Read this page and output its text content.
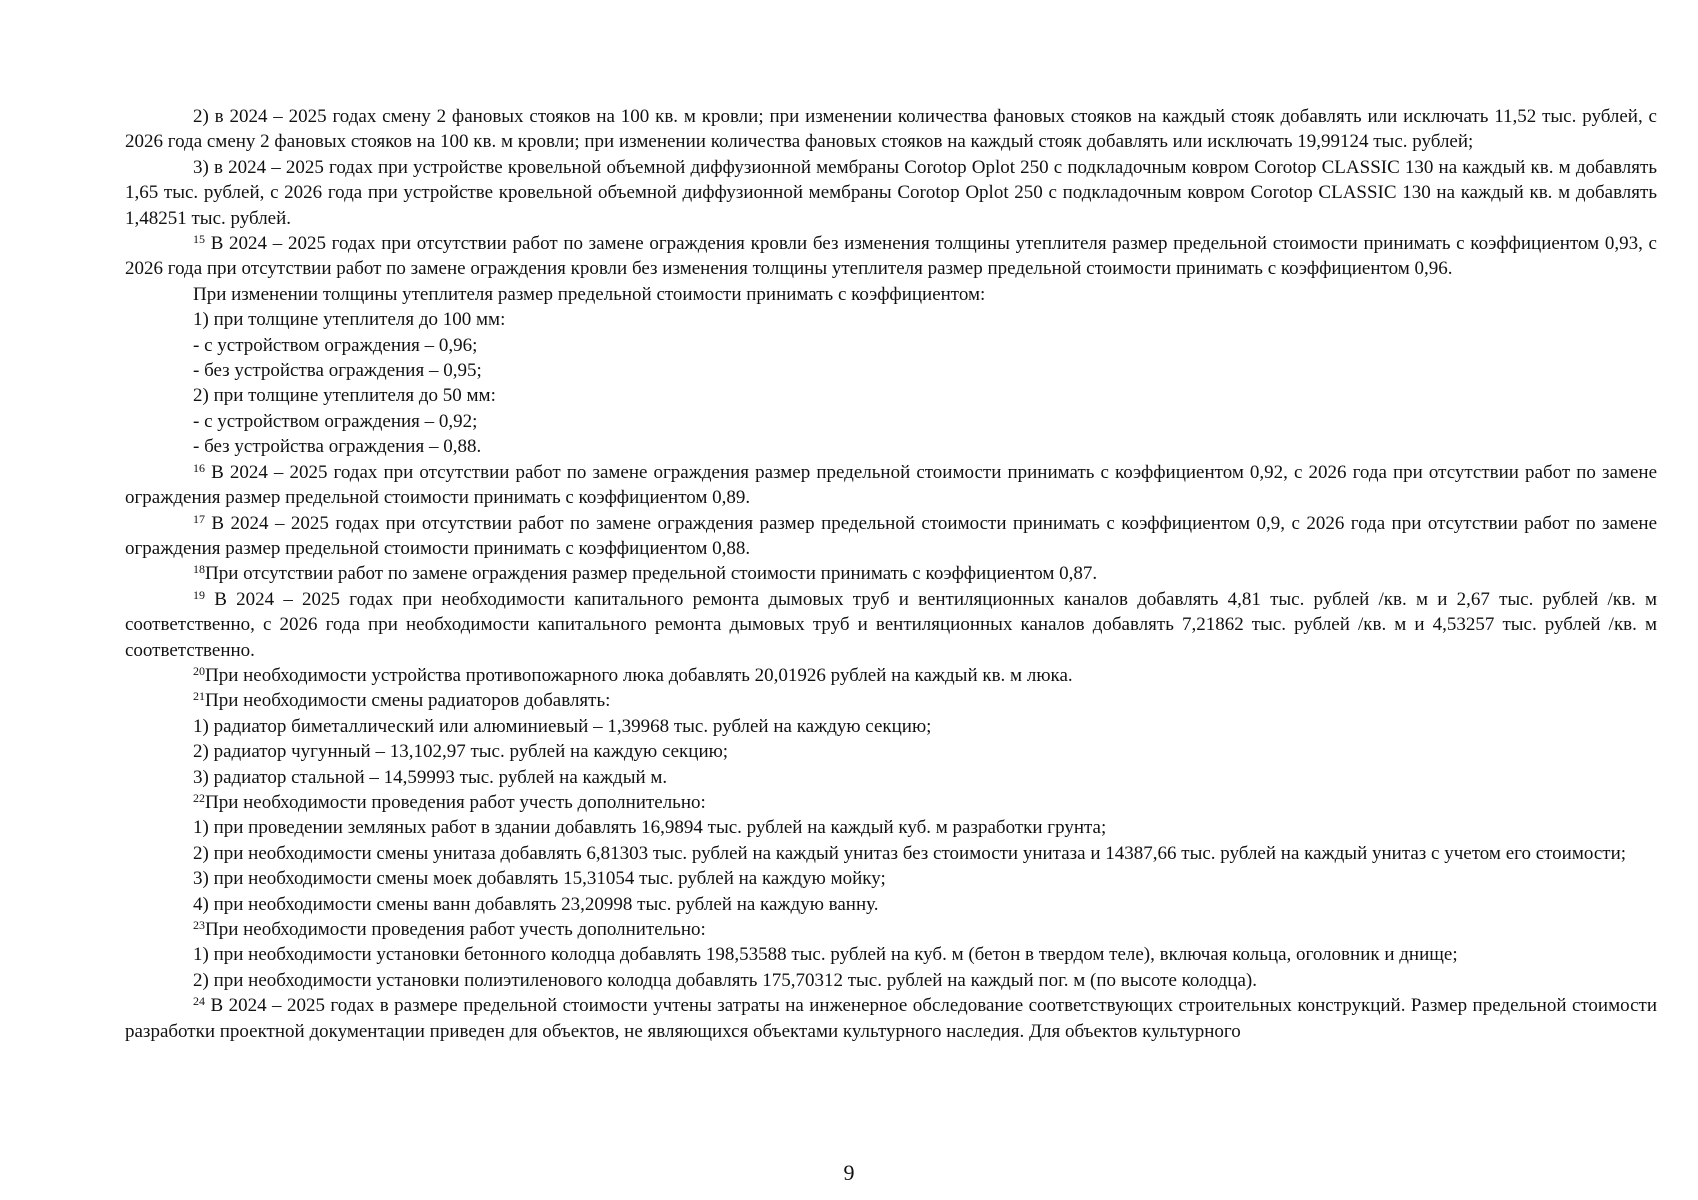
2) в 2024 – 2025 годах смену 2 фановых стояков на 100 кв. м кровли; при изменении количества фановых стояков на каждый стояк добавлять или исключать 11,52 тыс. рублей, с 2026 года смену 2 фановых стояков на 100 кв. м кровли; при изменении количества фановых стояков на каждый стояк добавлять или исключать 19,99124 тыс. рублей;

3) в 2024 – 2025 годах при устройстве кровельной объемной диффузионной мембраны Corotop Oplot 250 с подкладочным ковром Corotop CLASSIC 130 на каждый кв. м добавлять 1,65 тыс. рублей, с 2026 года при устройстве кровельной объемной диффузионной мембраны Corotop Oplot 250 с подкладочным ковром Corotop CLASSIC 130 на каждый кв. м добавлять 1,48251 тыс. рублей.

$^{15}$ В 2024 – 2025 годах при отсутствии работ по замене ограждения кровли без изменения толщины утеплителя размер предельной стоимости принимать с коэффициентом 0,93, с 2026 года при отсутствии работ по замене ограждения кровли без изменения толщины утеплителя размер предельной стоимости принимать с коэффициентом 0,96.

При изменении толщины утеплителя размер предельной стоимости принимать с коэффициентом:

1) при толщине утеплителя до 100 мм:

- с устройством ограждения – 0,96;

- без устройства ограждения – 0,95;

2) при толщине утеплителя до 50 мм:

- с устройством ограждения – 0,92;

- без устройства ограждения – 0,88.

$^{16}$ В 2024 – 2025 годах при отсутствии работ по замене ограждения размер предельной стоимости принимать с коэффициентом 0,92, с 2026 года при отсутствии работ по замене ограждения размер предельной стоимости принимать с коэффициентом 0,89.

$^{17}$ В 2024 – 2025 годах при отсутствии работ по замене ограждения размер предельной стоимости принимать с коэффициентом 0,9, с 2026 года при отсутствии работ по замене ограждения размер предельной стоимости принимать с коэффициентом 0,88.

$^{18}$При отсутствии работ по замене ограждения размер предельной стоимости принимать с коэффициентом 0,87.

$^{19}$ В 2024 – 2025 годах при необходимости капитального ремонта дымовых труб и вентиляционных каналов добавлять 4,81 тыс. рублей /кв. м и 2,67 тыс. рублей /кв. м соответственно, с 2026 года при необходимости капитального ремонта дымовых труб и вентиляционных каналов добавлять 7,21862 тыс. рублей /кв. м и 4,53257 тыс. рублей /кв. м соответственно.

$^{20}$При необходимости устройства противопожарного люка добавлять 20,01926 рублей на каждый кв. м люка.

$^{21}$При необходимости смены радиаторов добавлять:

1) радиатор биметаллический или алюминиевый – 1,39968 тыс. рублей на каждую секцию;

2) радиатор чугунный – 13,102,97 тыс. рублей на каждую секцию;

3) радиатор стальной – 14,59993 тыс. рублей на каждый м.

$^{22}$При необходимости проведения работ учесть дополнительно:

1) при проведении земляных работ в здании добавлять 16,9894 тыс. рублей на каждый куб. м разработки грунта;

2) при необходимости смены унитаза добавлять 6,81303 тыс. рублей на каждый унитаз без стоимости унитаза и 14387,66 тыс. рублей на каждый унитаз с учетом его стоимости;

3) при необходимости смены моек добавлять 15,31054 тыс. рублей на каждую мойку;

4) при необходимости смены ванн добавлять 23,20998 тыс. рублей на каждую ванну.

$^{23}$При необходимости проведения работ учесть дополнительно:

1) при необходимости установки бетонного колодца добавлять 198,53588 тыс. рублей на куб. м (бетон в твердом теле), включая кольца, оголовник и днище;

2) при необходимости установки полиэтиленового колодца добавлять 175,70312 тыс. рублей на каждый пог. м (по высоте колодца).

$^{24}$ В 2024 – 2025 годах в размере предельной стоимости учтены затраты на инженерное обследование соответствующих строительных конструкций. Размер предельной стоимости разработки проектной документации приведен для объектов, не являющихся объектами культурного наследия. Для объектов культурного

9
